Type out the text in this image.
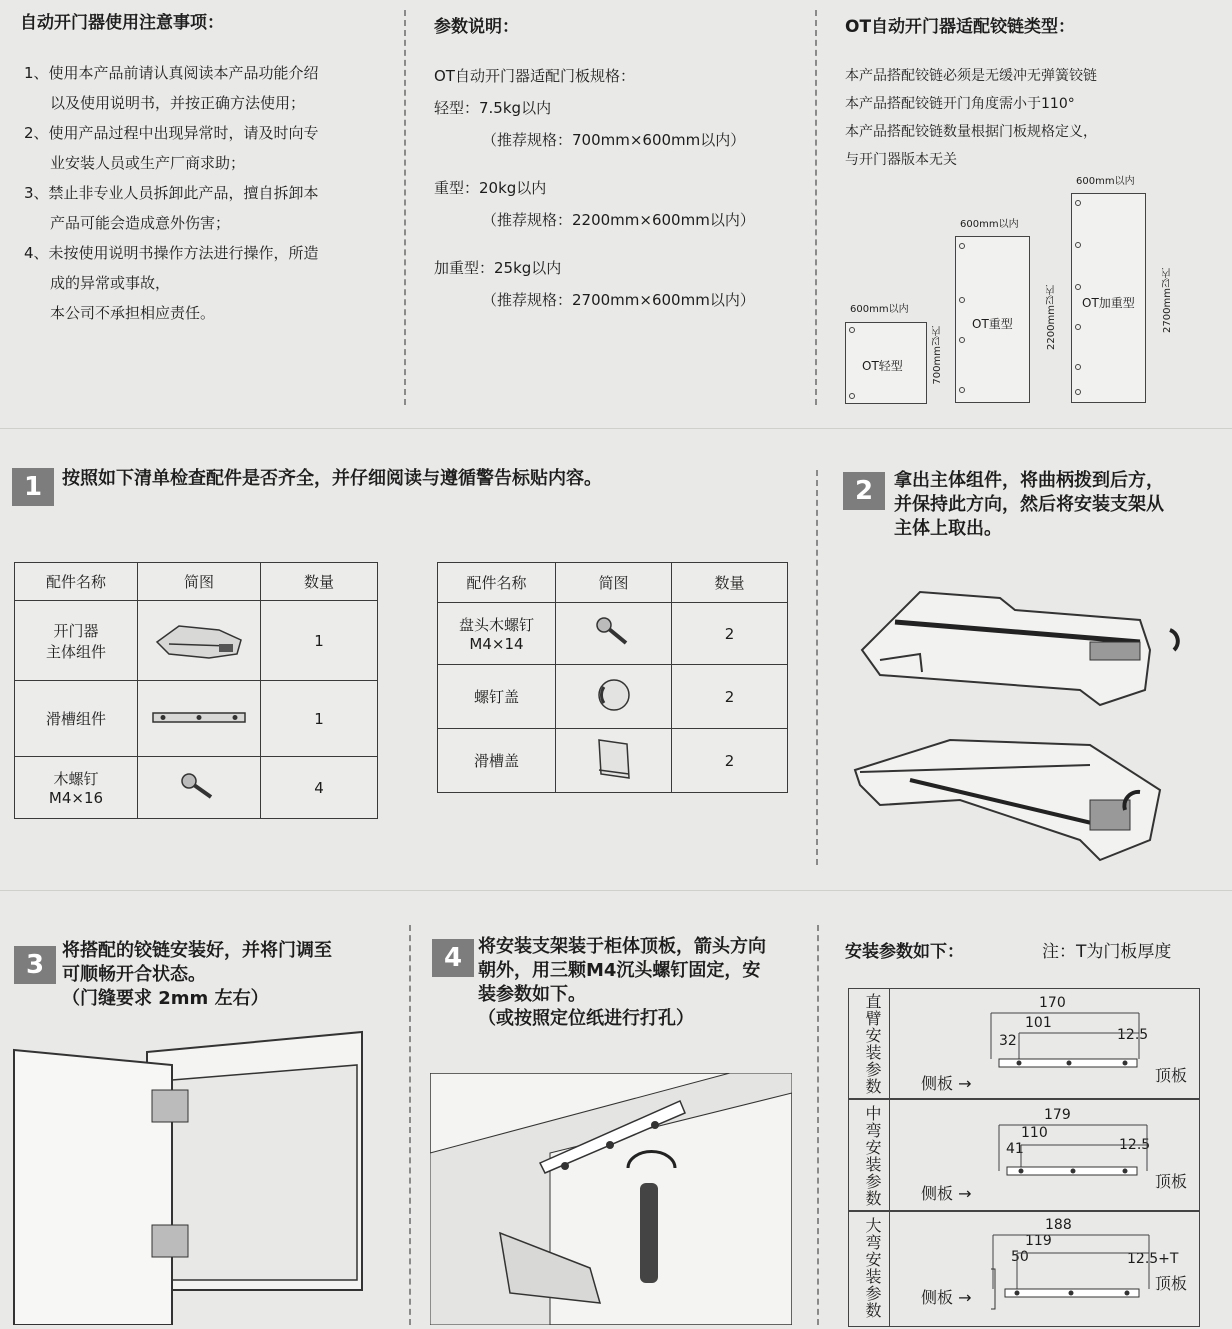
自动开门器使用注意事项：
1、使用本产品前请认真阅读本产品功能介绍
以及使用说明书，并按正确方法使用；
2、使用产品过程中出现异常时，请及时向专
业安装人员或生产厂商求助；
3、禁止非专业人员拆卸此产品，擅自拆卸本
产品可能会造成意外伤害；
4、未按使用说明书操作方法进行操作，所造
成的异常或事故，
本公司不承担相应责任。
参数说明：
OT自动开门器适配门板规格：
轻型：7.5kg以内
（推荐规格：700mm×600mm以内）
重型：20kg以内
（推荐规格：2200mm×600mm以内）
加重型：25kg以内
（推荐规格：2700mm×600mm以内）
OT自动开门器适配铰链类型：
本产品搭配铰链必须是无缓冲无弹簧铰链
本产品搭配铰链开门角度需小于110°
本产品搭配铰链数量根据门板规格定义，
与开门器版本无关
600mm以内
OT轻型	700mm以内
600mm以内
OT重型	2200mm以内
600mm以内
OT加重型	2700mm以内
1	按照如下清单检查配件是否齐全，并仔细阅读与遵循警告标贴内容。
配件名称	简图	数量

开门器
主体组件		1

滑槽组件		1

木螺钉
M4×16		4
配件名称	简图	数量

盘头木螺钉
M4×14		2

螺钉盖		2

滑槽盖		2
2	拿出主体组件，将曲柄拨到后方，
并保持此方向，然后将安装支架从
主体上取出。
3 将搭配的铰链安装好，并将门调至
可顺畅开合状态。
（门缝要求 2mm 左右）
4 将安装支架装于柜体顶板，箭头方向
朝外，用三颗M4沉头螺钉固定，安
装参数如下。
（或按照定位纸进行打孔）
安装参数如下：	注：T为门板厚度
直臂安装参数	170
101
32	12.5
侧板 →	顶板
中弯安装参数	179
110
41	12.5
侧板 →
顶板
大弯安装参数	188
119
50	12.5+T
侧板 →
顶板
